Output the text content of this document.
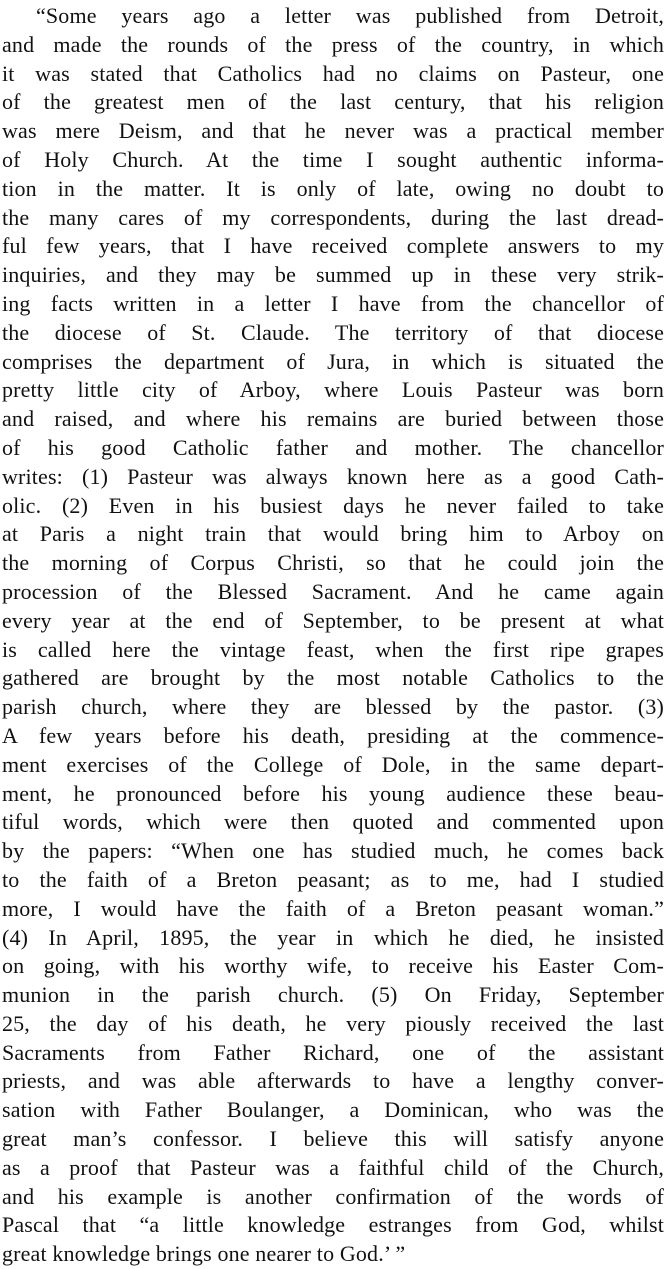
“Some years ago a letter was published from Detroit,
and made the rounds of the press of the country, in which
it was stated that Catholics had no claims on Pasteur, one
of the greatest men of the last century, that his religion
was mere Deism, and that he never was a practical member
of Holy Church. At the time I sought authentic informa-
tion in the matter. It is only of late, owing no doubt to
the many cares of my correspondents, during the last dread-
ful few years, that I have received complete answers to my
inquiries, and they may be summed up in these very strik-
ing facts written in a letter I have from the chancellor of
the diocese of St. Claude. The territory of that diocese
comprises the department of Jura, in which is situated the
pretty little city of Arboy, where Louis Pasteur was born
and raised, and where his remains are buried between those
of his good Catholic father and mother. The chancellor
writes: (1) Pasteur was always known here as a good Cath-
olic. (2) Even in his busiest days he never failed to take
at Paris a night train that would bring him to Arboy on
the morning of Corpus Christi, so that he could join the
procession of the Blessed Sacrament. And he came again
every year at the end of September, to be present at what
is called here the vintage feast, when the first ripe grapes
gathered are brought by the most notable Catholics to the
parish church, where they are blessed by the pastor. (3)
A few years before his death, presiding at the commence-
ment exercises of the College of Dole, in the same depart-
ment, he pronounced before his young audience these beau-
tiful words, which were then quoted and commented upon
by the papers: “When one has studied much, he comes back
to the faith of a Breton peasant; as to me, had I studied
more, I would have the faith of a Breton peasant woman.”
(4) In April, 1895, the year in which he died, he insisted
on going, with his worthy wife, to receive his Easter Com-
munion in the parish church. (5) On Friday, September
25, the day of his death, he very piously received the last
Sacraments from Father Richard, one of the assistant
priests, and was able afterwards to have a lengthy conver-
sation with Father Boulanger, a Dominican, who was the
great man’s confessor. I believe this will satisfy anyone
as a proof that Pasteur was a faithful child of the Church,
and his example is another confirmation of the words of
Pascal that “a little knowledge estranges from God, whilst
great knowledge brings one nearer to God.’ ”
